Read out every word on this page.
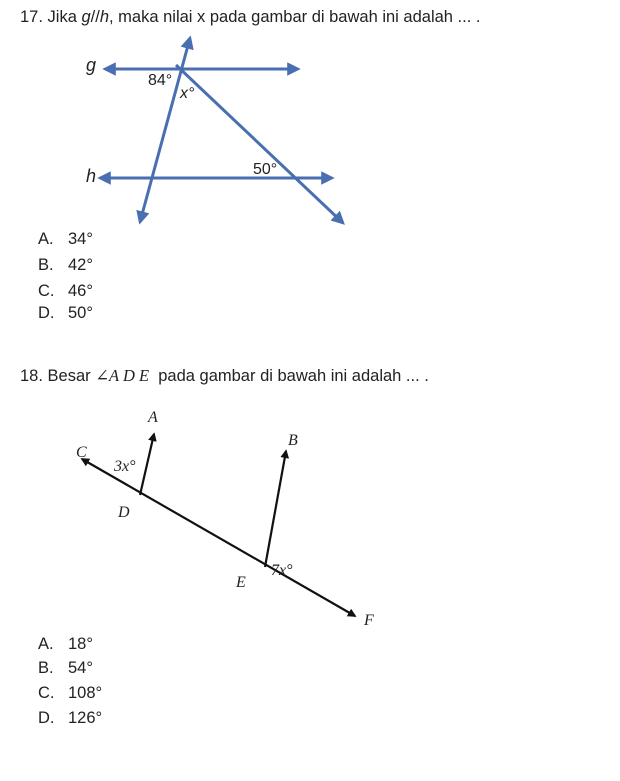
17. Jika g//h, maka nilai x pada gambar di bawah ini adalah ... .
g
h
84°
x°
50°
A. 34°
B. 42°
C. 46°
D. 50°
18. Besar ∠A D E  pada gambar di bawah ini adalah ... .
A
B
C
D
E
F
3x°
7x°
A. 18°
B. 54°
C. 108°
D. 126°
